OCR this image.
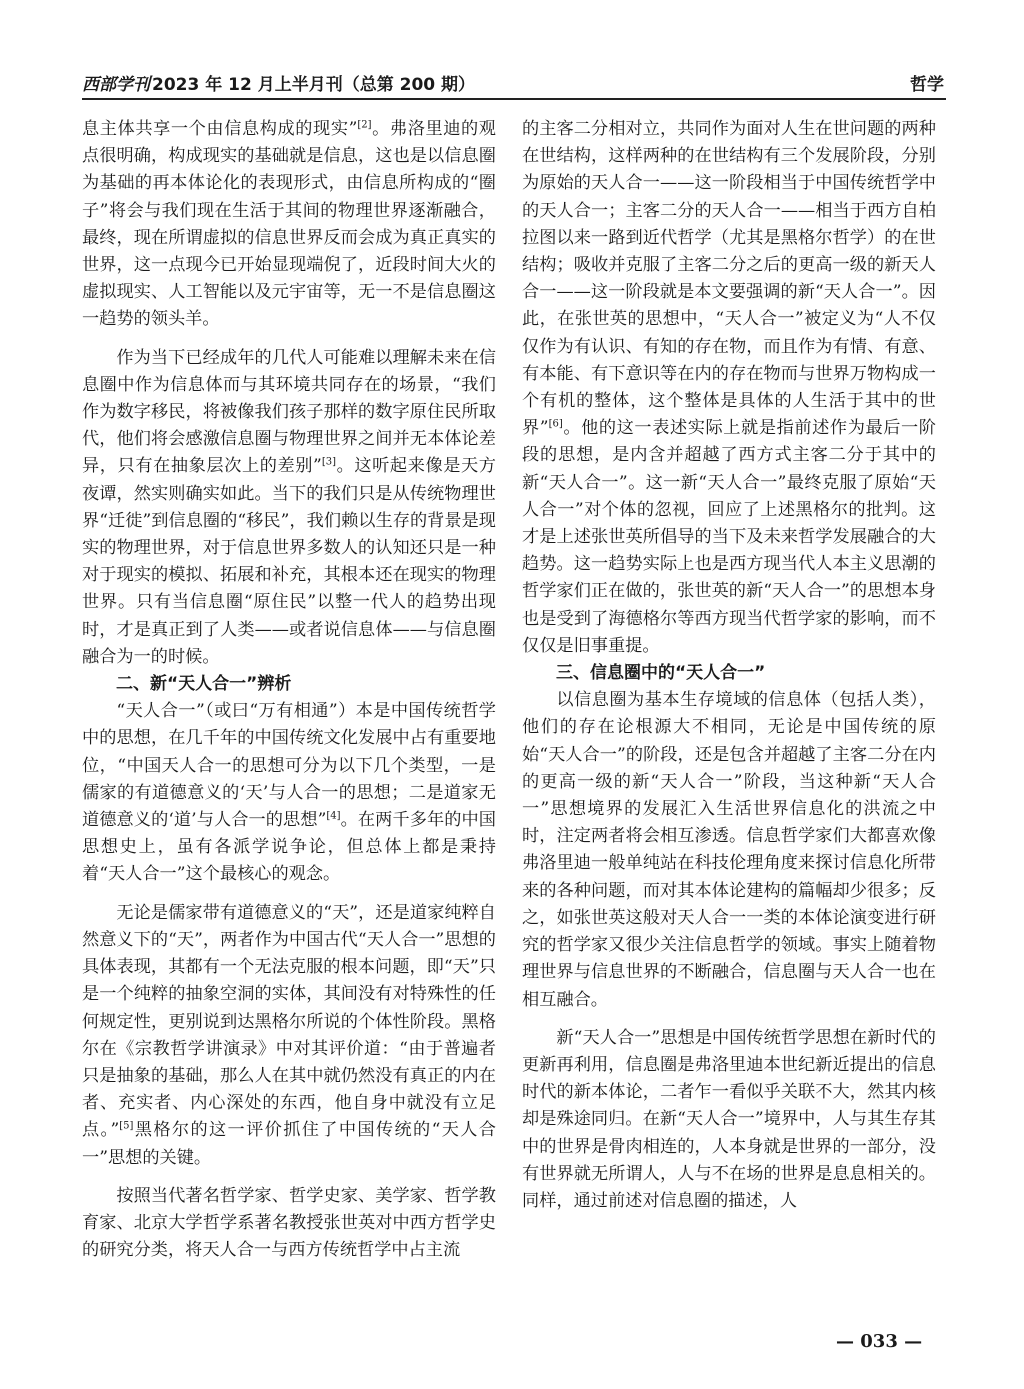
西部学刊 2023 年 12 月上半月刊（总第 200 期）	哲学

息主体共享一个由信息构成的现实”[2]。弗洛里迪的观点很明确，构成现实的基础就是信息，这也是以信息圈为基础的再本体论化的表现形式，由信息所构成的“圈子”将会与我们现在生活于其间的物理世界逐渐融合，最终，现在所谓虚拟的信息世界反而会成为真正真实的世界，这一点现今已开始显现端倪了，近段时间大火的虚拟现实、人工智能以及元宇宙等，无一不是信息圈这一趋势的领头羊。

作为当下已经成年的几代人可能难以理解未来在信息圈中作为信息体而与其环境共同存在的场景，“我们作为数字移民，将被像我们孩子那样的数字原住民所取代，他们将会感激信息圈与物理世界之间并无本体论差异，只有在抽象层次上的差别”[3]。这听起来像是天方夜谭，然实则确实如此。当下的我们只是从传统物理世界“迁徙”到信息圈的“移民”，我们赖以生存的背景是现实的物理世界，对于信息世界多数人的认知还只是一种对于现实的模拟、拓展和补充，其根本还在现实的物理世界。只有当信息圈“原住民”以整一代人的趋势出现时，才是真正到了人类——或者说信息体——与信息圈融合为一的时候。

二、新“天人合一”辨析

“天人合一”（或曰“万有相通”）本是中国传统哲学中的思想，在几千年的中国传统文化发展中占有重要地位，“中国天人合一的思想可分为以下几个类型，一是儒家的有道德意义的‘天’与人合一的思想；二是道家无道德意义的‘道’与人合一的思想”[4]。在两千多年的中国思想史上，虽有各派学说争论，但总体上都是秉持着“天人合一”这个最核心的观念。

无论是儒家带有道德意义的“天”，还是道家纯粹自然意义下的“天”，两者作为中国古代“天人合一”思想的具体表现，其都有一个无法克服的根本问题，即“天”只是一个纯粹的抽象空洞的实体，其间没有对特殊性的任何规定性，更别说到达黑格尔所说的个体性阶段。黑格尔在《宗教哲学讲演录》中对其评价道：“由于普遍者只是抽象的基础，那么人在其中就仍然没有真正的内在者、充实者、内心深处的东西，他自身中就没有立足点。”[5]黑格尔的这一评价抓住了中国传统的“天人合一”思想的关键。

按照当代著名哲学家、哲学史家、美学家、哲学教育家、北京大学哲学系著名教授张世英对中西方哲学史的研究分类，将天人合一与西方传统哲学中占主流

的主客二分相对立，共同作为面对人生在世问题的两种在世结构，这样两种的在世结构有三个发展阶段，分别为原始的天人合一——这一阶段相当于中国传统哲学中的天人合一；主客二分的天人合一——相当于西方自柏拉图以来一路到近代哲学（尤其是黑格尔哲学）的在世结构；吸收并克服了主客二分之后的更高一级的新天人合一——这一阶段就是本文要强调的新“天人合一”。因此，在张世英的思想中，“天人合一”被定义为“人不仅仅作为有认识、有知的存在物，而且作为有情、有意、有本能、有下意识等在内的存在物而与世界万物构成一个有机的整体，这个整体是具体的人生活于其中的世界”[6]。他的这一表述实际上就是指前述作为最后一阶段的思想，是内含并超越了西方式主客二分于其中的新“天人合一”。这一新“天人合一”最终克服了原始“天人合一”对个体的忽视，回应了上述黑格尔的批判。这才是上述张世英所倡导的当下及未来哲学发展融合的大趋势。这一趋势实际上也是西方现当代人本主义思潮的哲学家们正在做的，张世英的新“天人合一”的思想本身也是受到了海德格尔等西方现当代哲学家的影响，而不仅仅是旧事重提。

三、信息圈中的“天人合一”

以信息圈为基本生存境域的信息体（包括人类），他们的存在论根源大不相同，无论是中国传统的原始“天人合一”的阶段，还是包含并超越了主客二分在内的更高一级的新“天人合一”阶段，当这种新“天人合一”思想境界的发展汇入生活世界信息化的洪流之中时，注定两者将会相互渗透。信息哲学家们大都喜欢像弗洛里迪一般单纯站在科技伦理角度来探讨信息化所带来的各种问题，而对其本体论建构的篇幅却少很多；反之，如张世英这般对天人合一一类的本体论演变进行研究的哲学家又很少关注信息哲学的领域。事实上随着物理世界与信息世界的不断融合，信息圈与天人合一也在相互融合。

新“天人合一”思想是中国传统哲学思想在新时代的更新再利用，信息圈是弗洛里迪本世纪新近提出的信息时代的新本体论，二者乍一看似乎关联不大，然其内核却是殊途同归。在新“天人合一”境界中，人与其生存其中的世界是骨肉相连的，人本身就是世界的一部分，没有世界就无所谓人，人与不在场的世界是息息相关的。同样，通过前述对信息圈的描述，人

— 033 —
